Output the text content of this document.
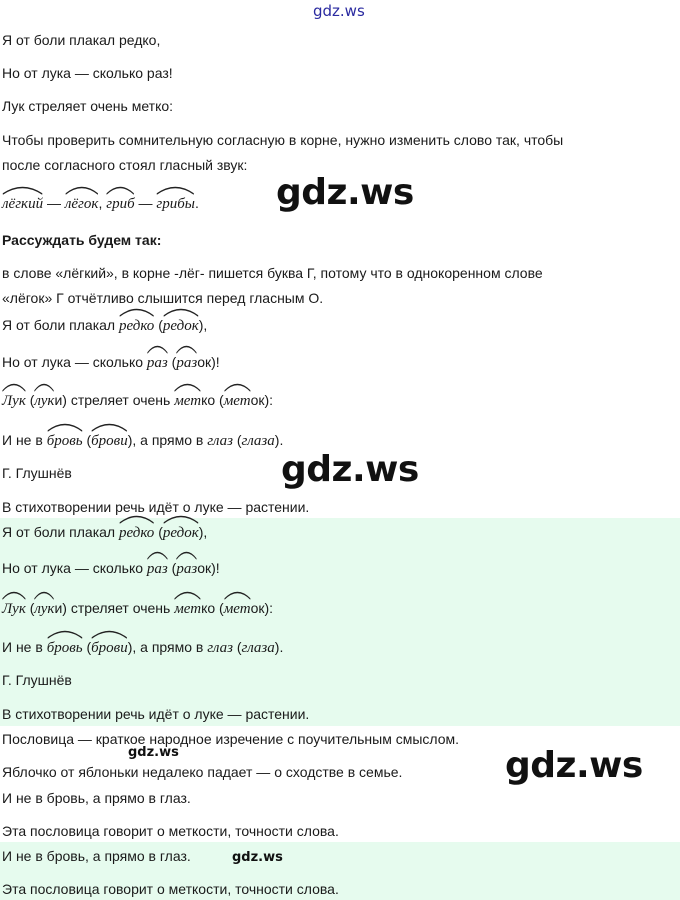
gdz.ws
Я от боли плакал редко,
Но от лука — сколько раз!
Лук стреляет очень метко:
Чтобы проверить сомнительную согласную в корне, нужно изменить слово так, чтобы
после согласного стоял гласный звук:
лёгкий —
лёгок,
гриб —
грибы. gdz.ws
Рассуждать будем так:
в слове «лёгкий», в корне -лёг- пишется буква Г, потому что в однокоренном слове
«лёгок» Г отчётливо слышится перед гласным О.
Я от боли плакал
редко (
редок),
Но от лука — сколько
раз (
разок)!
Лук (
луки) стреляет очень
метко (
меток):
И не в
бровь (
брови), а прямо в глаз (глаза).
Г. Глушнёв	gdz.ws
В стихотворении речь идёт о луке — растении.
Я от боли плакал
редко (
редок),
Но от лука — сколько
раз (
разок)!
Лук (
луки) стреляет очень
метко (
меток):
И не в
бровь (
брови), а прямо в глаз (глаза).
Г. Глушнёв
В стихотворении речь идёт о луке — растении.
Пословица — краткое народное изречение с поучительным смыслом.
gdz.ws
Яблочко от яблоньки недалеко падает — о сходстве в семье.	gdz.ws
И не в бровь, а прямо в глаз.
Эта пословица говорит о меткости, точности слова.
И не в бровь, а прямо в глаз.	gdz.ws
Эта пословица говорит о меткости, точности слова.
